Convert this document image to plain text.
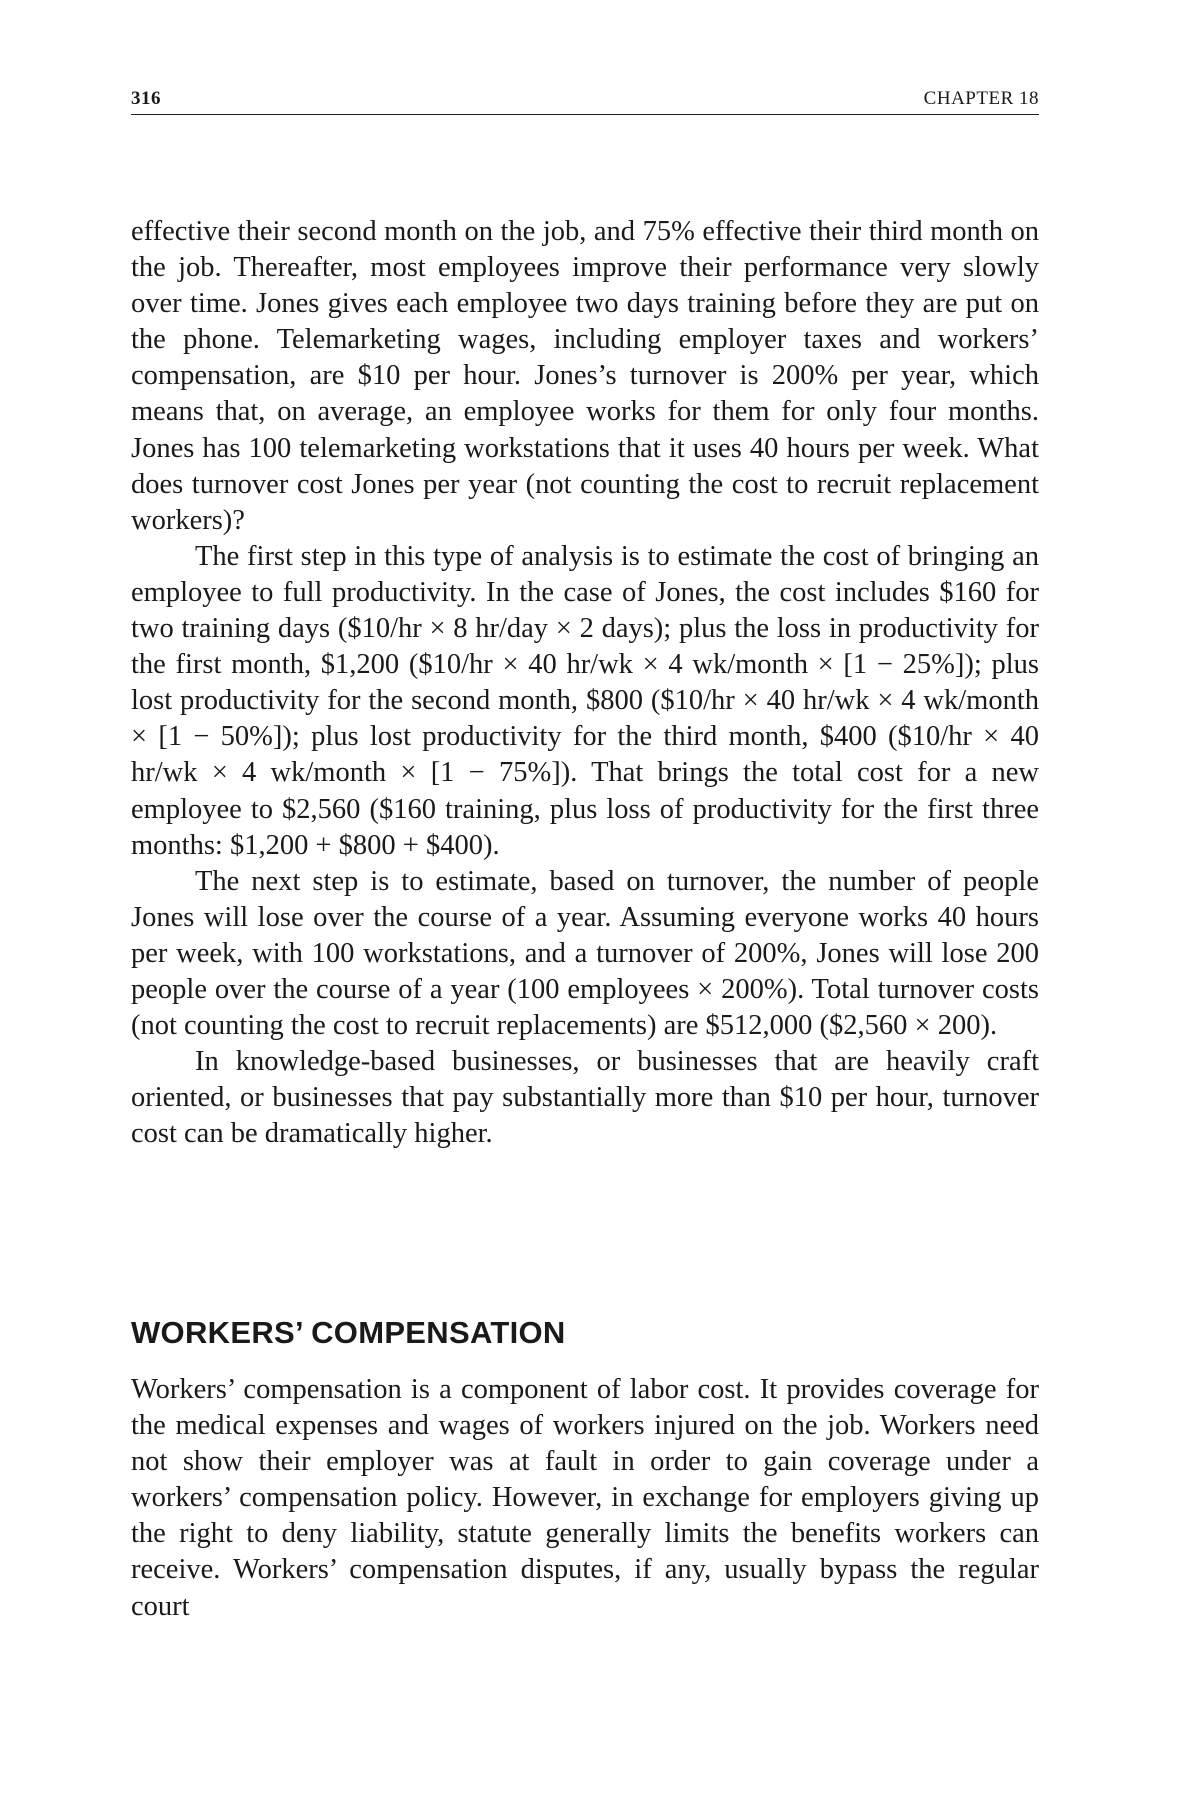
316	CHAPTER 18

effective their second month on the job, and 75% effective their third month on the job. Thereafter, most employees improve their performance very slowly over time. Jones gives each employee two days training before they are put on the phone. Telemarketing wages, including employer taxes and workers’ compensation, are $10 per hour. Jones’s turnover is 200% per year, which means that, on average, an employee works for them for only four months. Jones has 100 telemarketing workstations that it uses 40 hours per week. What does turnover cost Jones per year (not counting the cost to recruit replacement workers)?

The first step in this type of analysis is to estimate the cost of bringing an employee to full productivity. In the case of Jones, the cost includes $160 for two training days ($10/hr × 8 hr/day × 2 days); plus the loss in productivity for the first month, $1,200 ($10/hr × 40 hr/wk × 4 wk/month × [1 − 25%]); plus lost productivity for the second month, $800 ($10/hr × 40 hr/wk × 4 wk/month × [1 − 50%]); plus lost productivity for the third month, $400 ($10/hr × 40 hr/wk × 4 wk/month × [1 − 75%]). That brings the total cost for a new employee to $2,560 ($160 training, plus loss of productivity for the first three months: $1,200 + $800 + $400).

The next step is to estimate, based on turnover, the number of people Jones will lose over the course of a year. Assuming everyone works 40 hours per week, with 100 workstations, and a turnover of 200%, Jones will lose 200 people over the course of a year (100 employees × 200%). Total turnover costs (not counting the cost to recruit replacements) are $512,000 ($2,560 × 200).

In knowledge-based businesses, or businesses that are heavily craft oriented, or businesses that pay substantially more than $10 per hour, turnover cost can be dramatically higher.

WORKERS’ COMPENSATION

Workers’ compensation is a component of labor cost. It provides coverage for the medical expenses and wages of workers injured on the job. Workers need not show their employer was at fault in order to gain coverage under a workers’ compensation policy. However, in exchange for employers giving up the right to deny liability, statute generally limits the benefits workers can receive. Workers’ compensation disputes, if any, usually bypass the regular court
